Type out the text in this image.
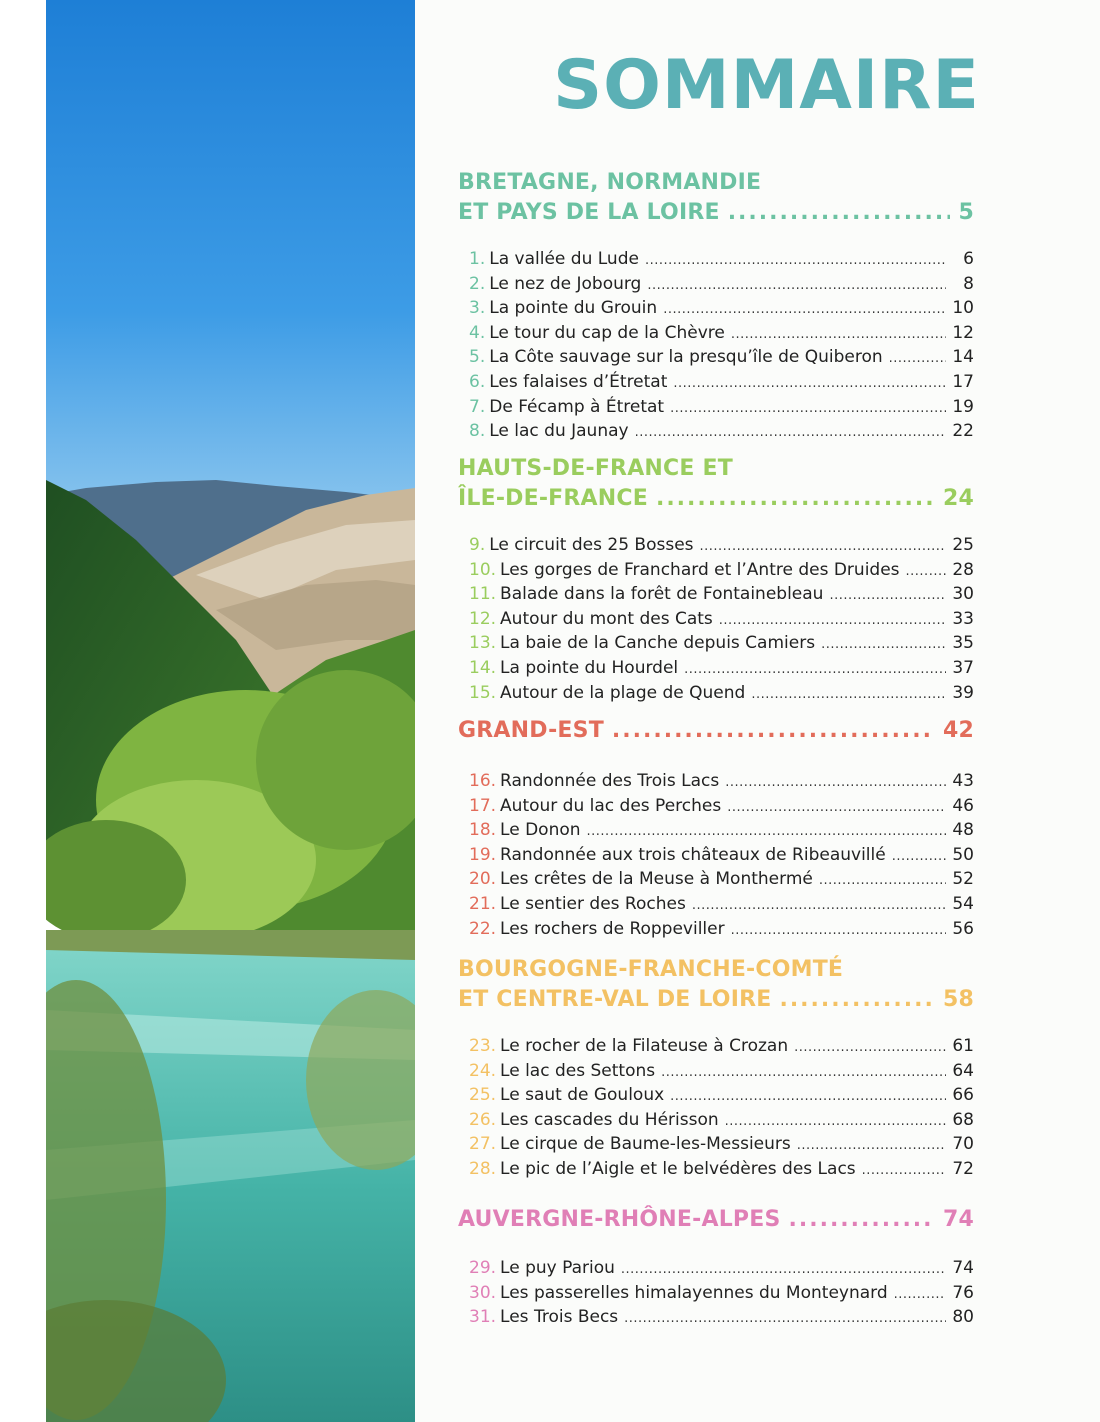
SOMMAIRE
BRETAGNE, NORMANDIE
ET PAYS DE LA LOIRE .....	5
1. La vallée du Lude .....	6
2. Le nez de Jobourg .....	8
3. La pointe du Grouin .....	10
4. Le tour du cap de la Chèvre .....	12
5. La Côte sauvage sur la presqu’île de Quiberon .....	14
6. Les falaises d’Étretat .....	17
7. De Fécamp à Étretat .....	19
8. Le lac du Jaunay .....	22
HAUTS-DE-FRANCE ET
ÎLE-DE-FRANCE .....	24
9. Le circuit des 25 Bosses .....	25
10. Les gorges de Franchard et l’Antre des Druides .....	28
11. Balade dans la forêt de Fontainebleau .....	30
12. Autour du mont des Cats .....	33
13. La baie de la Canche depuis Camiers .....	35
14. La pointe du Hourdel .....	37
15. Autour de la plage de Quend .....	39
GRAND-EST .....	42
16. Randonnée des Trois Lacs .....	43
17. Autour du lac des Perches .....	46
18. Le Donon .....	48
19. Randonnée aux trois châteaux de Ribeauvillé .....	50
20. Les crêtes de la Meuse à Monthermé .....	52
21. Le sentier des Roches .....	54
22. Les rochers de Roppeviller .....	56
BOURGOGNE-FRANCHE-COMTÉ
ET CENTRE-VAL DE LOIRE .....	58
23. Le rocher de la Filateuse à Crozan .....	61
24. Le lac des Settons .....	64
25. Le saut de Gouloux .....	66
26. Les cascades du Hérisson .....	68
27. Le cirque de Baume-les-Messieurs .....	70
28. Le pic de l’Aigle et le belvédères des Lacs .....	72
AUVERGNE-RHÔNE-ALPES .....	74
29. Le puy Pariou .....	74
30. Les passerelles himalayennes du Monteynard .....	76
31. Les Trois Becs .....	80
